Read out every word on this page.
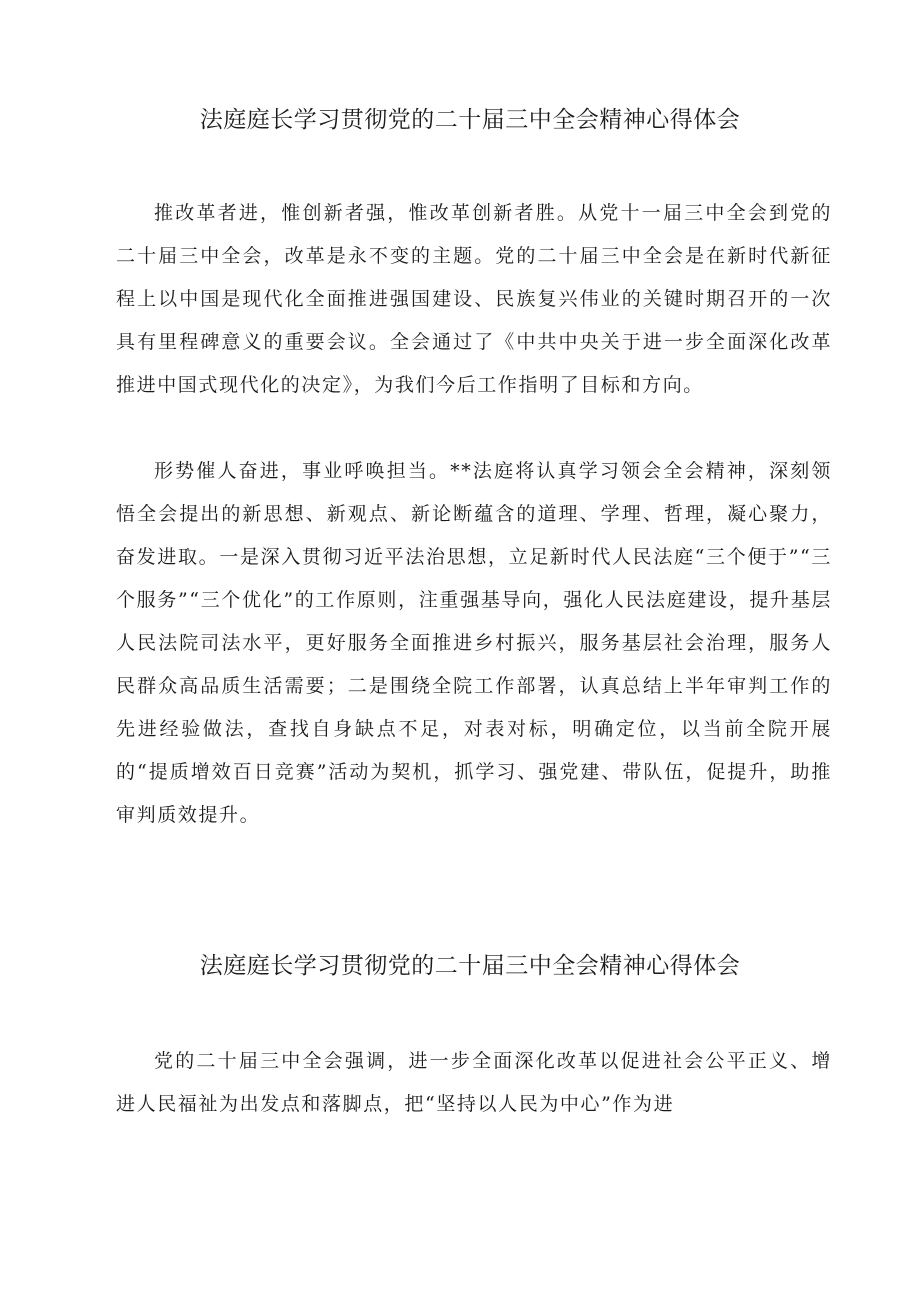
法庭庭长学习贯彻党的二十届三中全会精神心得体会

推改革者进，惟创新者强，惟改革创新者胜。从党十一届三中全会到党的二十届三中全会，改革是永不变的主题。党的二十届三中全会是在新时代新征程上以中国是现代化全面推进强国建设、民族复兴伟业的关键时期召开的一次具有里程碑意义的重要会议。全会通过了《中共中央关于进一步全面深化改革推进中国式现代化的决定》，为我们今后工作指明了目标和方向。

形势催人奋进，事业呼唤担当。**法庭将认真学习领会全会精神，深刻领悟全会提出的新思想、新观点、新论断蕴含的道理、学理、哲理，凝心聚力，奋发进取。一是深入贯彻习近平法治思想，立足新时代人民法庭“三个便于”“三个服务”“三个优化”的工作原则，注重强基导向，强化人民法庭建设，提升基层人民法院司法水平，更好服务全面推进乡村振兴，服务基层社会治理，服务人民群众高品质生活需要；二是围绕全院工作部署，认真总结上半年审判工作的先进经验做法，查找自身缺点不足，对表对标，明确定位，以当前全院开展的“提质增效百日竞赛”活动为契机，抓学习、强党建、带队伍，促提升，助推审判质效提升。

法庭庭长学习贯彻党的二十届三中全会精神心得体会

党的二十届三中全会强调，进一步全面深化改革以促进社会公平正义、增进人民福祉为出发点和落脚点，把“坚持以人民为中心”作为进
